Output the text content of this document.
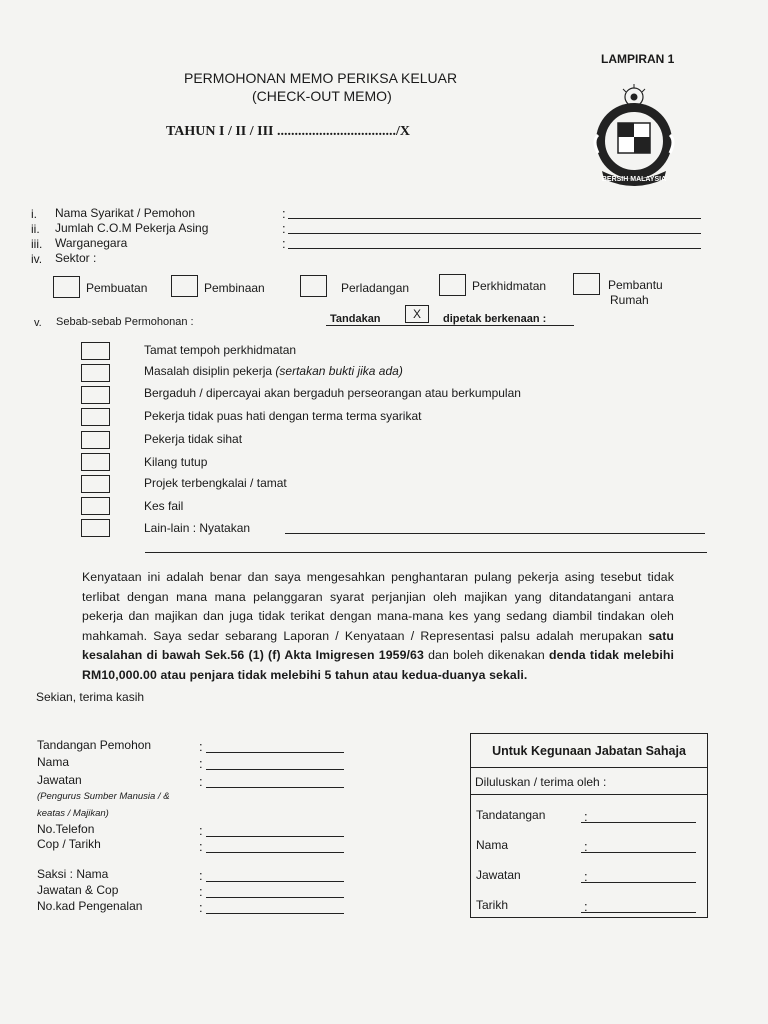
LAMPIRAN 1
PERMOHONAN MEMO PERIKSA KELUAR
(CHECK-OUT MEMO)
TAHUN I / II / III ................................../X
BERSIH MALAYSIA
i. Nama Syarikat / Pemohon	:
ii. Jumlah C.O.M Pekerja Asing	:
iii. Warganegara	:
iv. Sektor :
Pembuatan	Pembinaan	Perladangan	Perkhidmatan	Pembantu
Rumah
v. Sebab-sebab Permohonan :	Tandakan	X	dipetak berkenaan :
Tamat tempoh perkhidmatan
Masalah disiplin pekerja (sertakan bukti jika ada)
Bergaduh / dipercayai akan bergaduh perseorangan atau berkumpulan
Pekerja tidak puas hati dengan terma terma syarikat
Pekerja tidak sihat
Kilang tutup
Projek terbengkalai / tamat
Kes fail
Lain-lain : Nyatakan
Kenyataan ini adalah benar dan saya mengesahkan penghantaran pulang pekerja asing tesebut tidak terlibat dengan mana mana pelanggaran syarat perjanjian oleh majikan yang ditandatangani antara pekerja dan majikan dan juga tidak terikat dengan mana-mana kes yang sedang diambil tindakan oleh mahkamah. Saya sedar sebarang Laporan / Kenyataan / Representasi palsu adalah merupakan satu kesalahan di bawah Sek.56 (1) (f) Akta Imigresen 1959/63 dan boleh dikenakan denda tidak melebihi RM10,000.00 atau penjara tidak melebihi 5 tahun atau kedua-duanya sekali.
Sekian, terima kasih
Tandangan Pemohon	:
Nama	:
Jawatan	:
(Pengurus Sumber Manusia / &
keatas / Majikan)
No.Telefon	:
Cop / Tarikh	:
Saksi : Nama	:
Jawatan & Cop	:
No.kad Pengenalan	:
Untuk Kegunaan Jabatan Sahaja
Diluluskan / terima oleh :
Tandatangan	:
Nama	:
Jawatan	:
Tarikh	:
